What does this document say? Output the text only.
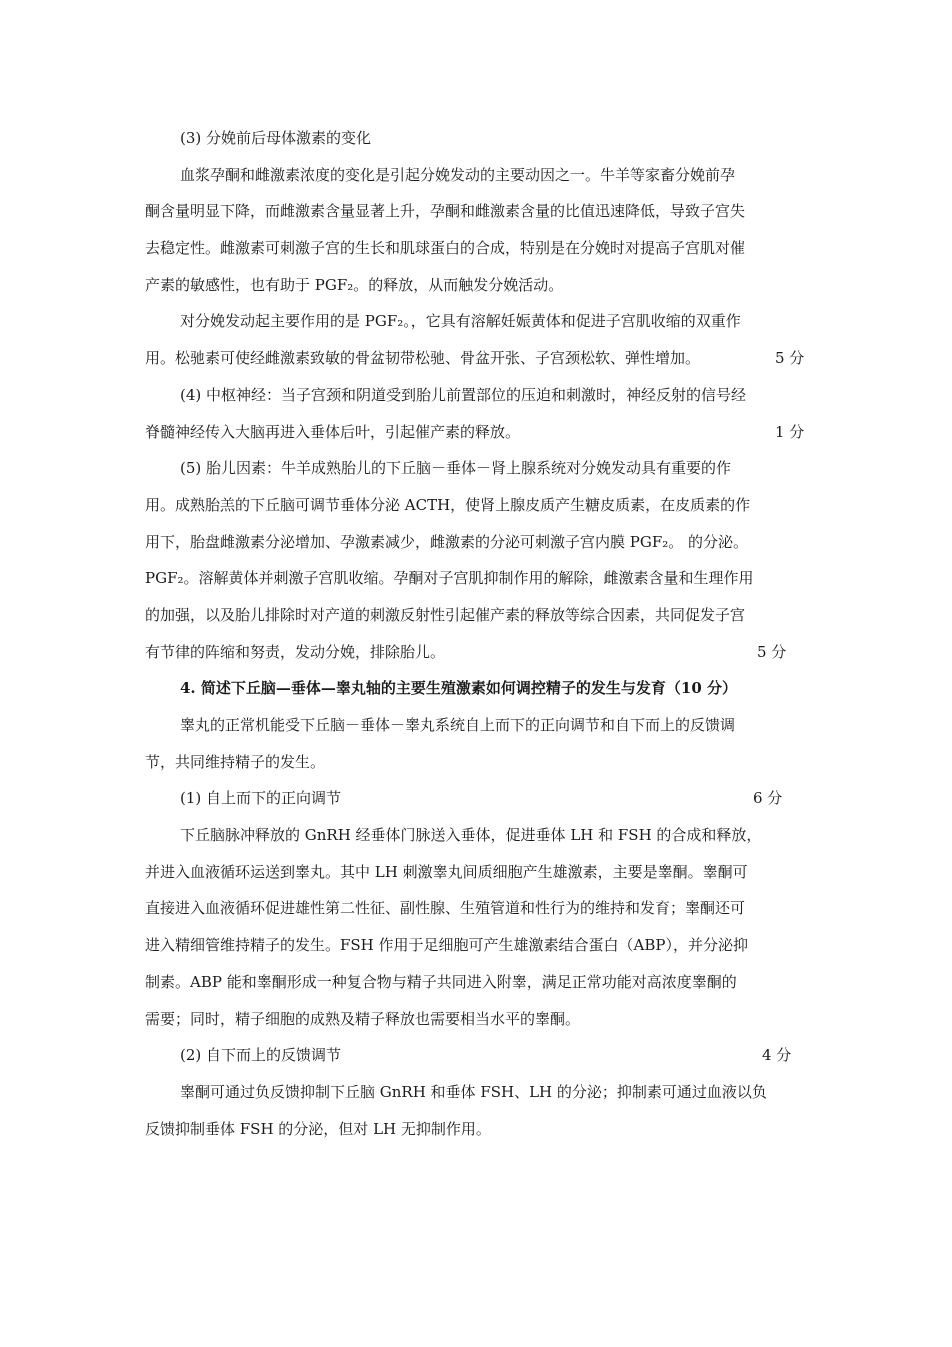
(3) 分娩前后母体激素的变化
血浆孕酮和雌激素浓度的变化是引起分娩发动的主要动因之一。牛羊等家畜分娩前孕
酮含量明显下降，而雌激素含量显著上升，孕酮和雌激素含量的比值迅速降低，导致子宫失
去稳定性。雌激素可刺激子宫的生长和肌球蛋白的合成，特别是在分娩时对提高子宫肌对催
产素的敏感性，也有助于 PGF₂。的释放，从而触发分娩活动。
对分娩发动起主要作用的是 PGF₂。，它具有溶解妊娠黄体和促进子宫肌收缩的双重作
用。松驰素可使经雌激素致敏的骨盆韧带松驰、骨盆开张、子宫颈松软、弹性增加。	5 分
(4) 中枢神经：当子宫颈和阴道受到胎儿前置部位的压迫和刺激时，神经反射的信号经
脊髓神经传入大脑再进入垂体后叶，引起催产素的释放。	1 分
(5) 胎儿因素：牛羊成熟胎儿的下丘脑－垂体－肾上腺系统对分娩发动具有重要的作
用。成熟胎羔的下丘脑可调节垂体分泌 ACTH，使肾上腺皮质产生糖皮质素，在皮质素的作
用下，胎盘雌激素分泌增加、孕激素减少，雌激素的分泌可刺激子宫内膜 PGF₂。 的分泌。
PGF₂。溶解黄体并刺激子宫肌收缩。孕酮对子宫肌抑制作用的解除，雌激素含量和生理作用
的加强，以及胎儿排除时对产道的刺激反射性引起催产素的释放等综合因素，共同促发子宫
有节律的阵缩和努责，发动分娩，排除胎儿。	5 分
4. 简述下丘脑—垂体—睾丸轴的主要生殖激素如何调控精子的发生与发育（10 分）
睾丸的正常机能受下丘脑－垂体－睾丸系统自上而下的正向调节和自下而上的反馈调
节，共同维持精子的发生。
(1) 自上而下的正向调节	6 分
下丘脑脉冲释放的 GnRH 经垂体门脉送入垂体，促进垂体 LH 和 FSH 的合成和释放，
并进入血液循环运送到睾丸。其中 LH 刺激睾丸间质细胞产生雄激素，主要是睾酮。睾酮可
直接进入血液循环促进雄性第二性征、副性腺、生殖管道和性行为的维持和发育；睾酮还可
进入精细管维持精子的发生。FSH 作用于足细胞可产生雄激素结合蛋白（ABP），并分泌抑
制素。ABP 能和睾酮形成一种复合物与精子共同进入附睾，满足正常功能对高浓度睾酮的
需要；同时，精子细胞的成熟及精子释放也需要相当水平的睾酮。
(2) 自下而上的反馈调节	4 分
睾酮可通过负反馈抑制下丘脑 GnRH 和垂体 FSH、LH 的分泌；抑制素可通过血液以负
反馈抑制垂体 FSH 的分泌，但对 LH 无抑制作用。
